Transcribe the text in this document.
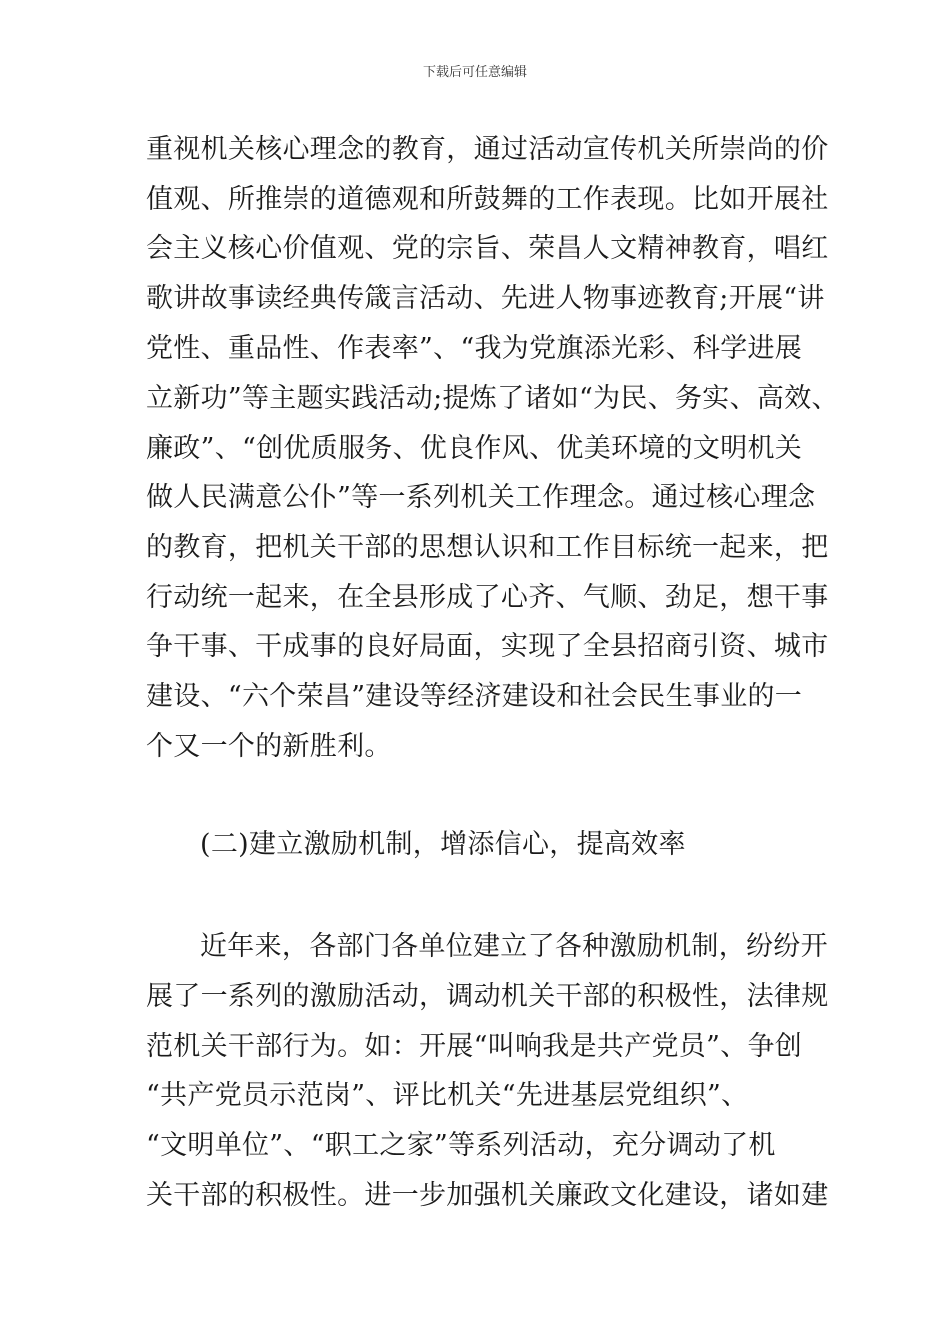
下载后可任意编辑
重视机关核心理念的教育，通过活动宣传机关所崇尚的价
值观、所推崇的道德观和所鼓舞的工作表现。比如开展社
会主义核心价值观、党的宗旨、荣昌人文精神教育，唱红
歌讲故事读经典传箴言活动、先进人物事迹教育;开展“讲
党性、重品性、作表率”、“我为党旗添光彩、科学进展
立新功”等主题实践活动;提炼了诸如“为民、务实、高效、
廉政”、“创优质服务、优良作风、优美环境的文明机关
做人民满意公仆”等一系列机关工作理念。通过核心理念
的教育，把机关干部的思想认识和工作目标统一起来，把
行动统一起来，在全县形成了心齐、气顺、劲足，想干事
争干事、干成事的良好局面，实现了全县招商引资、城市
建设、“六个荣昌”建设等经济建设和社会民生事业的一
个又一个的新胜利。
(二)建立激励机制，增添信心，提高效率
近年来，各部门各单位建立了各种激励机制，纷纷开
展了一系列的激励活动，调动机关干部的积极性，法律规
范机关干部行为。如：开展“叫响我是共产党员”、争创
“共产党员示范岗”、评比机关“先进基层党组织”、
“文明单位”、“职工之家”等系列活动，充分调动了机
关干部的积极性。进一步加强机关廉政文化建设，诸如建
